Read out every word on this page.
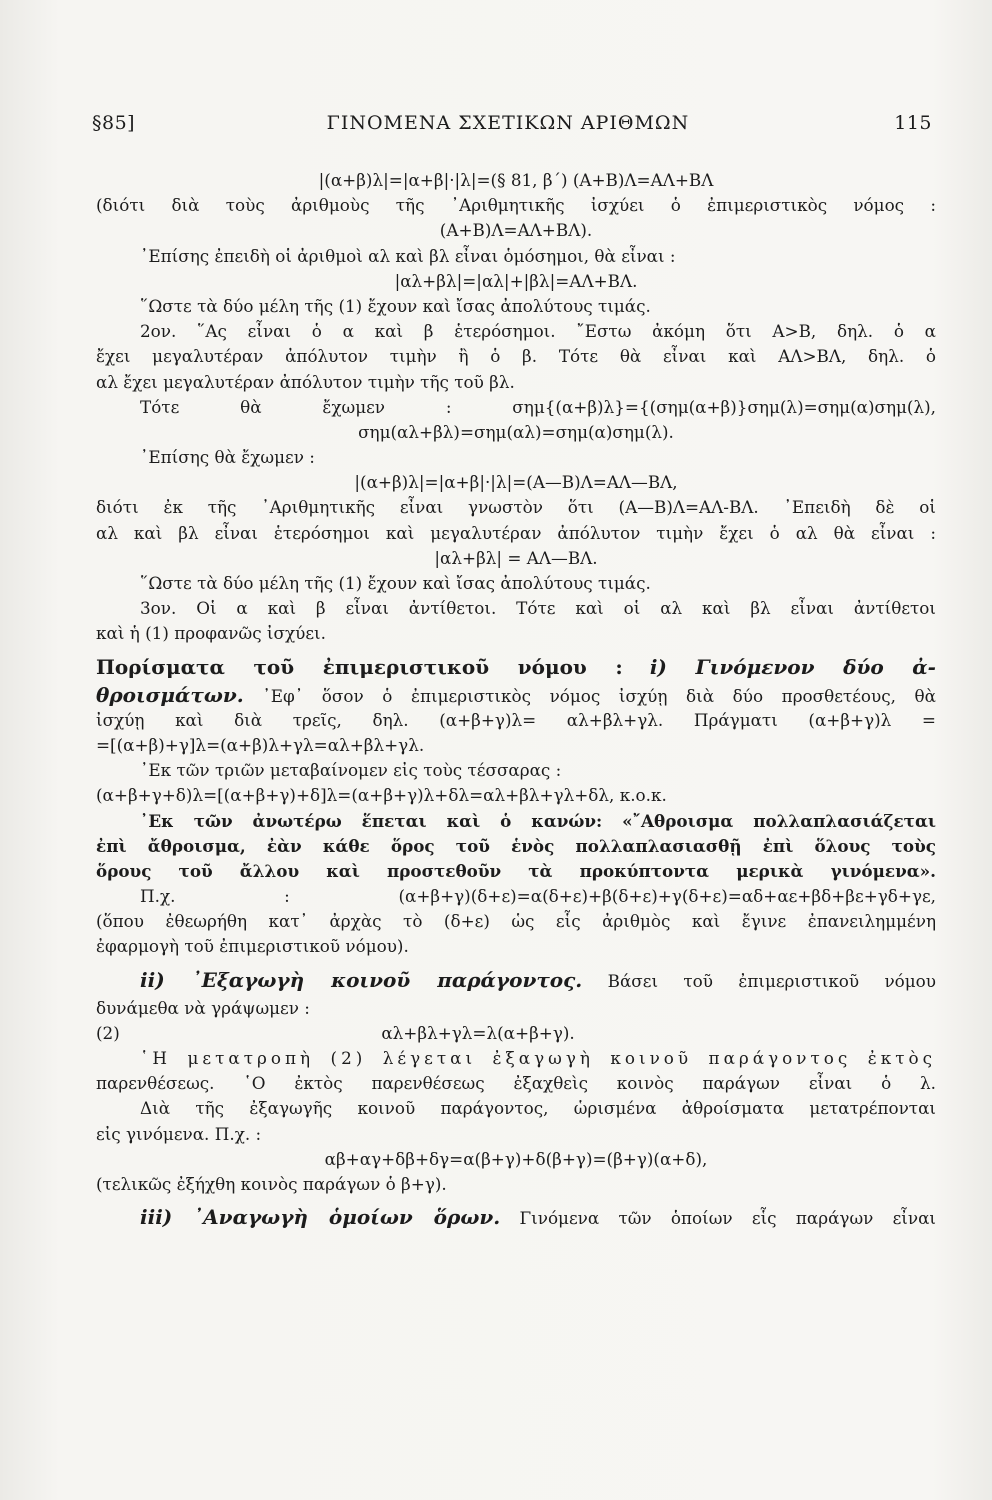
§85]	ΓΙΝΟΜΕΝΑ ΣΧΕΤΙΚΩΝ ΑΡΙΘΜΩΝ	115
|(α+β)λ|=|α+β|·|λ|=(§ 81, β΄) (Α+Β)Λ=ΑΛ+ΒΛ
(διότι διὰ τοὺς ἀριθμοὺς τῆς ᾿Αριθμητικῆς ἰσχύει ὁ ἐπιμεριστικὸς νόμος :
(Α+Β)Λ=ΑΛ+ΒΛ).
᾿Επίσης ἐπειδὴ οἱ ἀριθμοὶ αλ καὶ βλ εἶναι ὁμόσημοι, θὰ εἶναι :
|αλ+βλ|=|αλ|+|βλ|=ΑΛ+ΒΛ.
῞Ωστε τὰ δύο μέλη τῆς (1) ἔχουν καὶ ἴσας ἀπολύτους τιμάς.
2ον. ῞Ας εἶναι ὁ α καὶ β ἑτερόσημοι. ῎Εστω ἀκόμη ὅτι Α>Β, δηλ. ὁ α
ἔχει μεγαλυτέραν ἀπόλυτον τιμὴν ἢ ὁ β. Τότε θὰ εἶναι καὶ ΑΛ>ΒΛ, δηλ. ὁ
αλ ἔχει μεγαλυτέραν ἀπόλυτον τιμὴν τῆς τοῦ βλ.
Τότε θὰ ἔχωμεν : σημ{(α+β)λ}={(σημ(α+β)}σημ(λ)=σημ(α)σημ(λ),
σημ(αλ+βλ)=σημ(αλ)=σημ(α)σημ(λ).
᾿Επίσης θὰ ἔχωμεν :
|(α+β)λ|=|α+β|·|λ|=(Α—Β)Λ=ΑΛ—ΒΛ,
διότι ἐκ τῆς ᾿Αριθμητικῆς εἶναι γνωστὸν ὅτι (Α—Β)Λ=ΑΛ-ΒΛ. ᾿Επειδὴ δὲ οἱ
αλ καὶ βλ εἶναι ἑτερόσημοι καὶ μεγαλυτέραν ἀπόλυτον τιμὴν ἔχει ὁ αλ θὰ εἶναι :
|αλ+βλ| = ΑΛ—ΒΛ.
῞Ωστε τὰ δύο μέλη τῆς (1) ἔχουν καὶ ἴσας ἀπολύτους τιμάς.
3ον. Οἱ α καὶ β εἶναι ἀντίθετοι. Τότε καὶ οἱ αλ καὶ βλ εἶναι ἀντίθετοι
καὶ ἡ (1) προφανῶς ἰσχύει.
Πορίσματα τοῦ ἐπιμεριστικοῦ νόμου : i) Γινόμενον δύο ἀ-
θροισμάτων. ᾿Εφ᾿ ὅσον ὁ ἐπιμεριστικὸς νόμος ἰσχύῃ διὰ δύο προσθετέους, θὰ
ἰσχύῃ καὶ διὰ τρεῖς, δηλ. (α+β+γ)λ= αλ+βλ+γλ. Πράγματι (α+β+γ)λ =
=[(α+β)+γ]λ=(α+β)λ+γλ=αλ+βλ+γλ.
᾿Εκ τῶν τριῶν μεταβαίνομεν εἰς τοὺς τέσσαρας :
(α+β+γ+δ)λ=[(α+β+γ)+δ]λ=(α+β+γ)λ+δλ=αλ+βλ+γλ+δλ, κ.ο.κ.
᾿Εκ τῶν ἀνωτέρω ἕπεται καὶ ὁ κανών: «῎Αθροισμα πολλαπλασιάζεται
ἐπὶ ἄθροισμα, ἐὰν κάθε ὅρος τοῦ ἑνὸς πολλαπλασιασθῇ ἐπὶ ὅλους τοὺς
ὅρους τοῦ ἄλλου καὶ προστεθοῦν τὰ προκύπτοντα μερικὰ γινόμενα».
Π.χ. : (α+β+γ)(δ+ε)=α(δ+ε)+β(δ+ε)+γ(δ+ε)=αδ+αε+βδ+βε+γδ+γε,
(ὅπου ἐθεωρήθη κατ᾿ ἀρχὰς τὸ (δ+ε) ὡς εἷς ἀριθμὸς καὶ ἔγινε ἐπανειλημμένη
ἐφαρμογὴ τοῦ ἐπιμεριστικοῦ νόμου).
ii) ᾿Εξαγωγὴ κοινοῦ παράγοντος. Βάσει τοῦ ἐπιμεριστικοῦ νόμου
δυνάμεθα νὰ γράψωμεν :
(2)	αλ+βλ+γλ=λ(α+β+γ).
῾Η μετατροπὴ (2) λέγεται ἐξαγωγὴ κοινοῦ παράγοντος ἐκτὸς
παρενθέσεως. ῾Ο ἐκτὸς παρενθέσεως ἐξαχθεὶς κοινὸς παράγων εἶναι ὁ λ.
Διὰ τῆς ἐξαγωγῆς κοινοῦ παράγοντος, ὡρισμένα ἀθροίσματα μετατρέπονται
εἰς γινόμενα. Π.χ. :
αβ+αγ+δβ+δγ=α(β+γ)+δ(β+γ)=(β+γ)(α+δ),
(τελικῶς ἐξήχθη κοινὸς παράγων ὁ β+γ).
iii) ᾿Αναγωγὴ ὁμοίων ὅρων. Γινόμενα τῶν ὁποίων εἷς παράγων εἶναι
